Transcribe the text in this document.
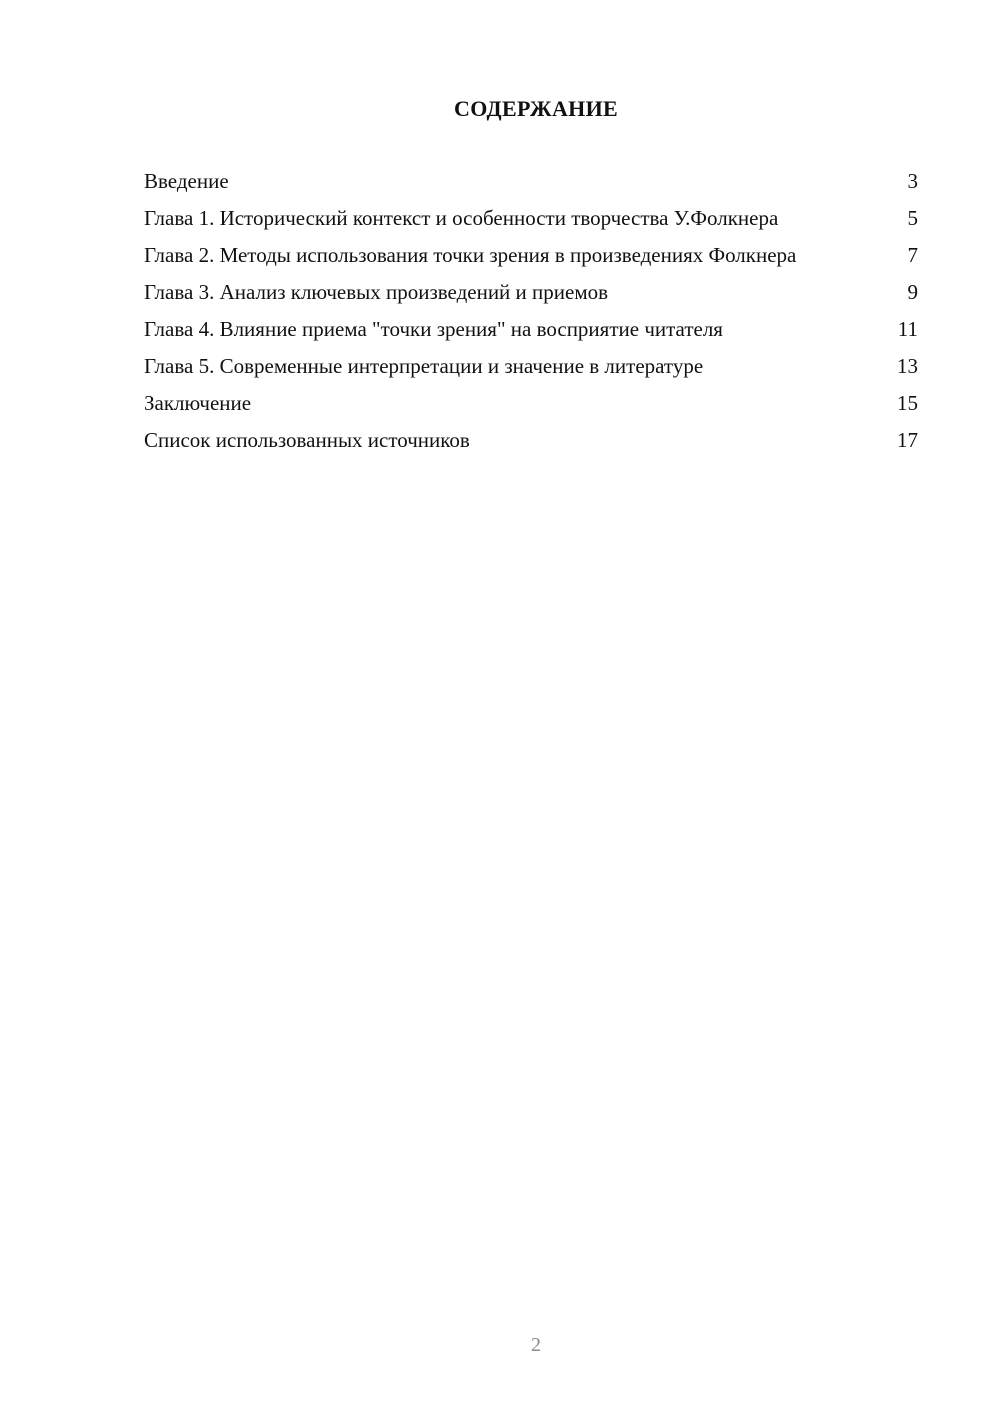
СОДЕРЖАНИЕ
Введение	3
Глава 1. Исторический контекст и особенности творчества У.Фолкнера	5
Глава 2. Методы использования точки зрения в произведениях Фолкнера	7
Глава 3. Анализ ключевых произведений и приемов	9
Глава 4. Влияние приема "точки зрения" на восприятие читателя	11
Глава 5. Современные интерпретации и значение в литературе	13
Заключение	15
Список использованных источников	17
2
